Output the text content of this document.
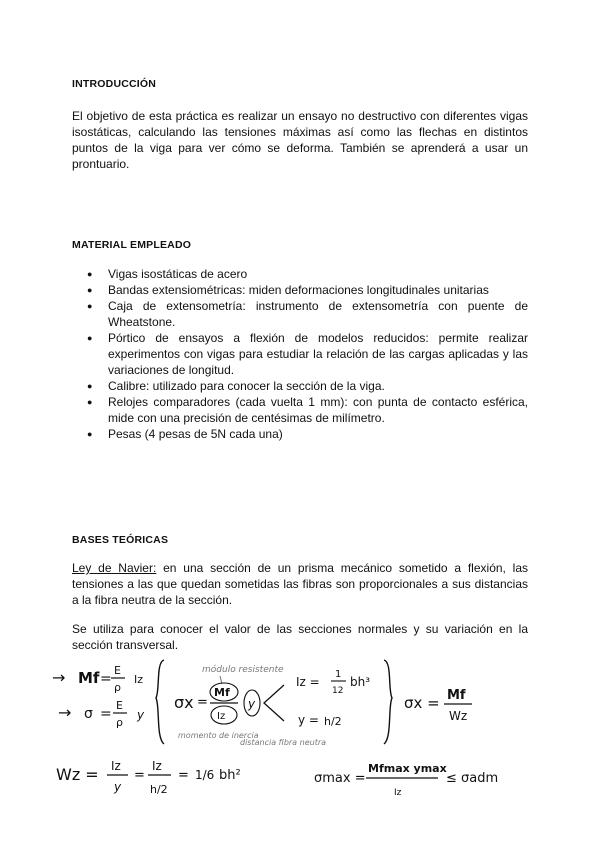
INTRODUCCIÓN

El objetivo de esta práctica es realizar un ensayo no destructivo con diferentes vigas isostáticas, calculando las tensiones máximas así como las flechas en distintos puntos de la viga para ver cómo se deforma. También se aprenderá a usar un prontuario.

MATERIAL EMPLEADO
● Vigas isostáticas de acero
● Bandas extensiométricas: miden deformaciones longitudinales unitarias
● Caja de extensometría: instrumento de extensometría con puente de Wheatstone.
● Pórtico de ensayos a flexión de modelos reducidos: permite realizar experimentos con vigas para estudiar la relación de las cargas aplicadas y las variaciones de longitud.
● Calibre: utilizado para conocer la sección de la viga.
● Relojes comparadores (cada vuelta 1 mm): con punta de contacto esférica, mide con una precisión de centésimas de milímetro.
● Pesas (4 pesas de 5N cada una)
BASES TEÓRICAS

Ley de Navier: en una sección de un prisma mecánico sometido a flexión, las tensiones a las que quedan sometidas las fibras son proporcionales a sus distancias a la fibra neutra de la sección.

Se utiliza para conocer el valor de las secciones normales y su variación en la sección transversal.

→ Mf =
E
ρ
Iz
→ σ =
E
ρ
y
módulo resistente
σx =
Mf
Iz
y
momento de inercia
distancia fibra neutra
Iz =
1
12
bh³
y = h/2
σx = Mf
Wz
Wz = Iz
y
=
Iz
h/2
= 1/6 bh²	σmax =
Mfmax ymax
Iz
≤ σadm
